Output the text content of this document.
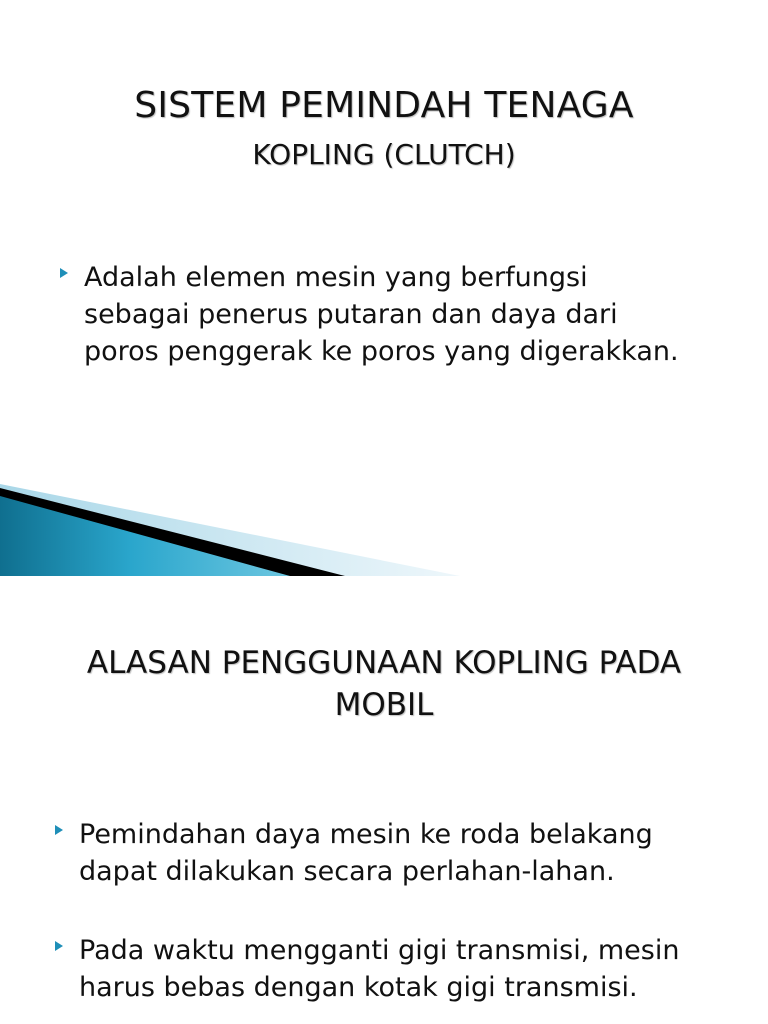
SISTEM PEMINDAH TENAGA
KOPLING (CLUTCH)
Adalah elemen mesin yang berfungsi
sebagai penerus putaran dan daya dari
poros penggerak ke poros yang digerakkan.
ALASAN PENGGUNAAN KOPLING PADA
MOBIL
Pemindahan daya mesin ke roda belakang
dapat dilakukan secara perlahan-lahan.
Pada waktu mengganti gigi transmisi, mesin
harus bebas dengan kotak gigi transmisi.
